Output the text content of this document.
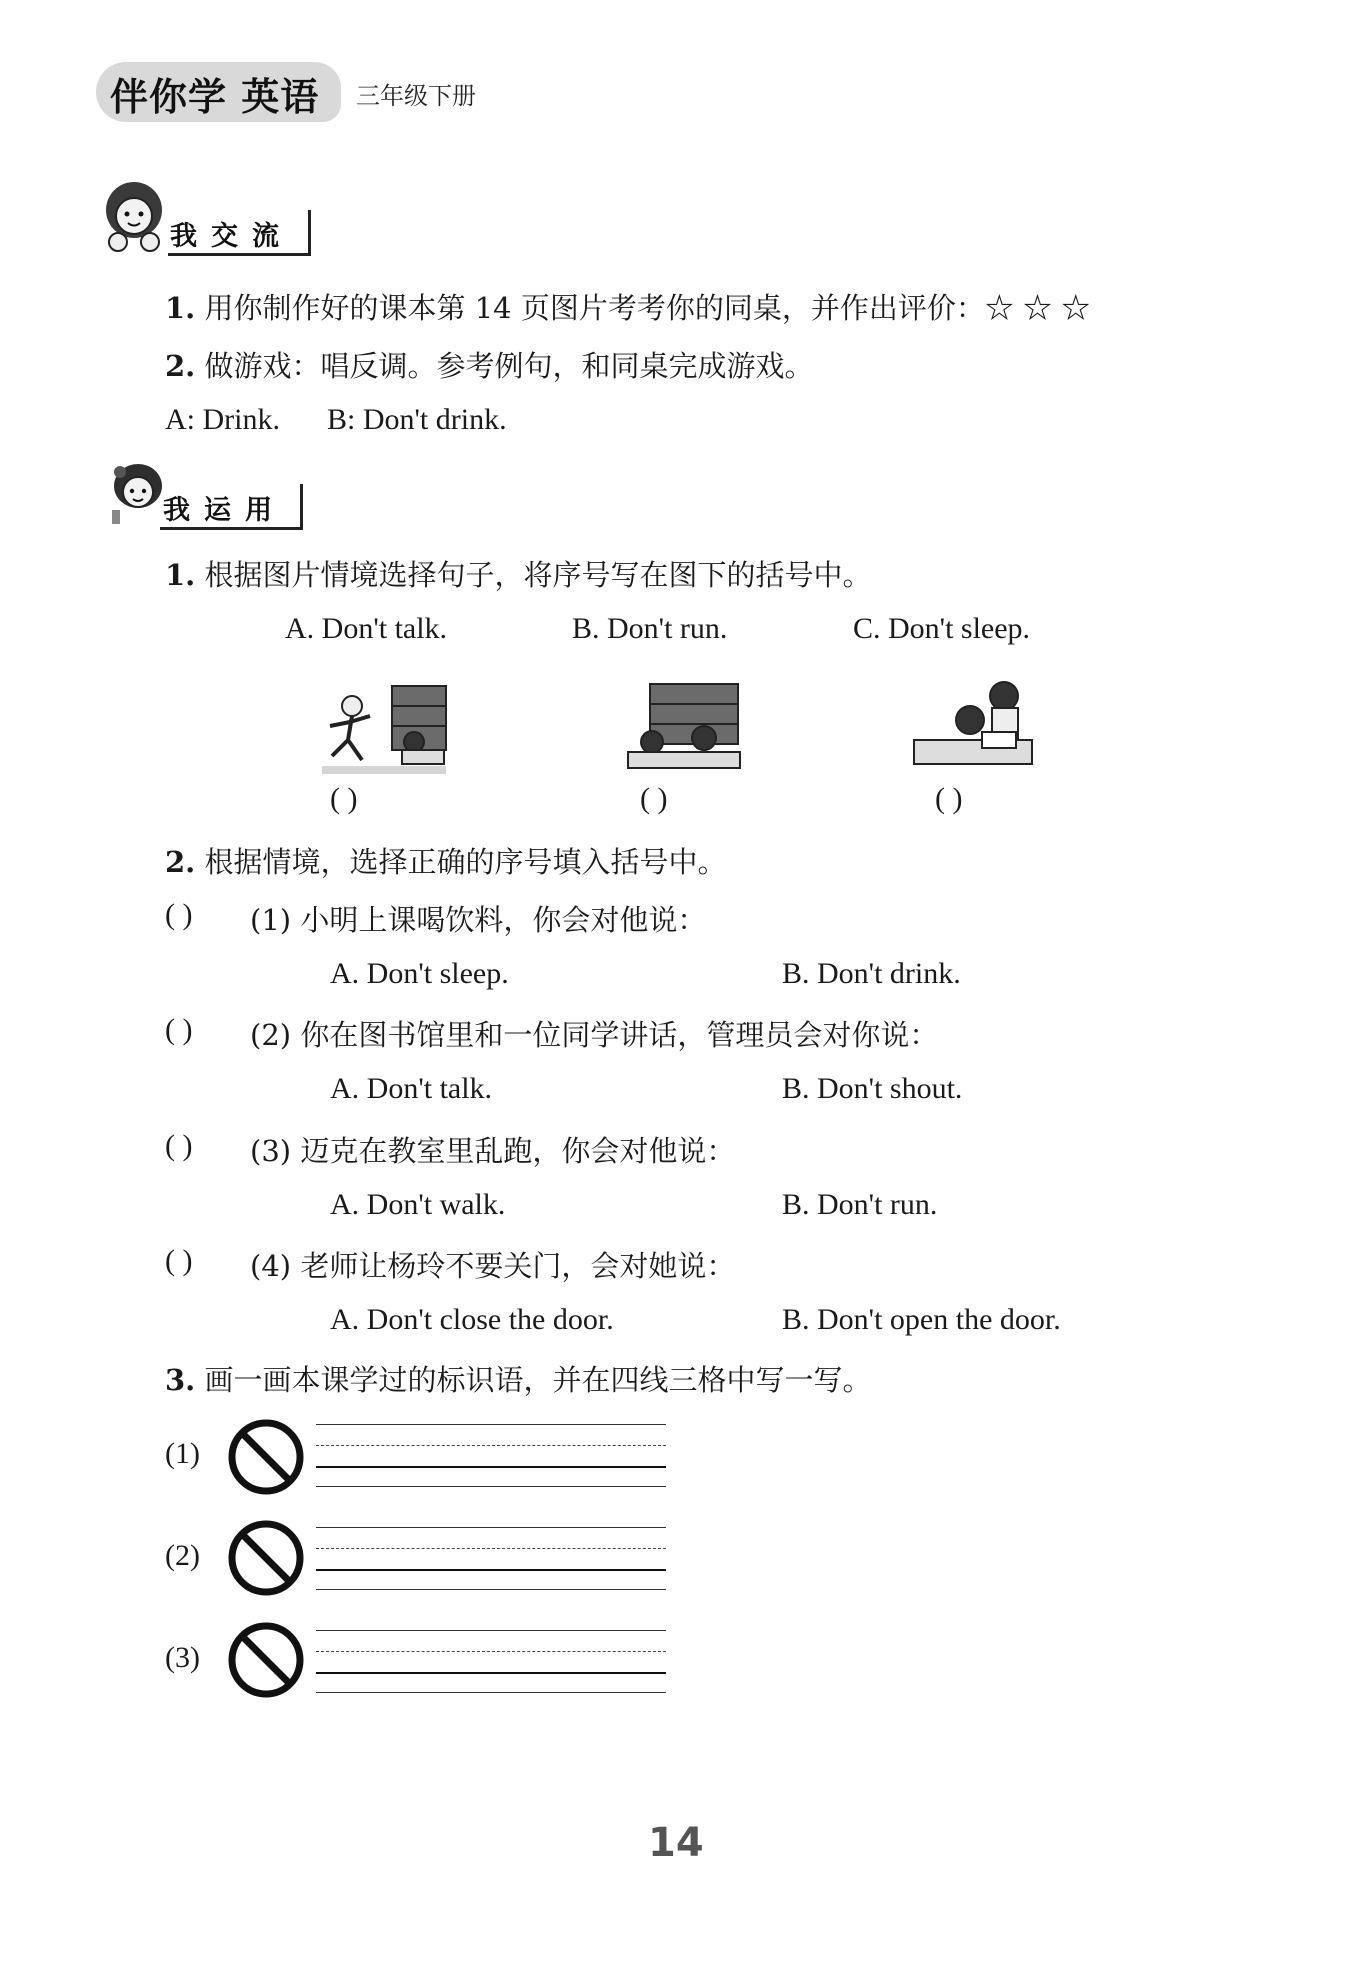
伴你学 英语 三年级下册
我交流
1. 用你制作好的课本第 14 页图片考考你的同桌，并作出评价：☆ ☆ ☆
2. 做游戏：唱反调。参考例句，和同桌完成游戏。
A: Drink. B: Don't drink.
我运用
1. 根据图片情境选择句子，将序号写在图下的括号中。
A. Don't talk.	B. Don't run.	C. Don't sleep.
( )	( )	( )
2. 根据情境，选择正确的序号填入括号中。
( ) (1) 小明上课喝饮料，你会对他说：
A. Don't sleep.	B. Don't drink.
( ) (2) 你在图书馆里和一位同学讲话，管理员会对你说：
A. Don't talk.	B. Don't shout.
( ) (3) 迈克在教室里乱跑，你会对他说：
A. Don't walk.	B. Don't run.
( ) (4) 老师让杨玲不要关门，会对她说：
A. Don't close the door.	B. Don't open the door.
3. 画一画本课学过的标识语，并在四线三格中写一写。
(1)
(2)
(3)
14
